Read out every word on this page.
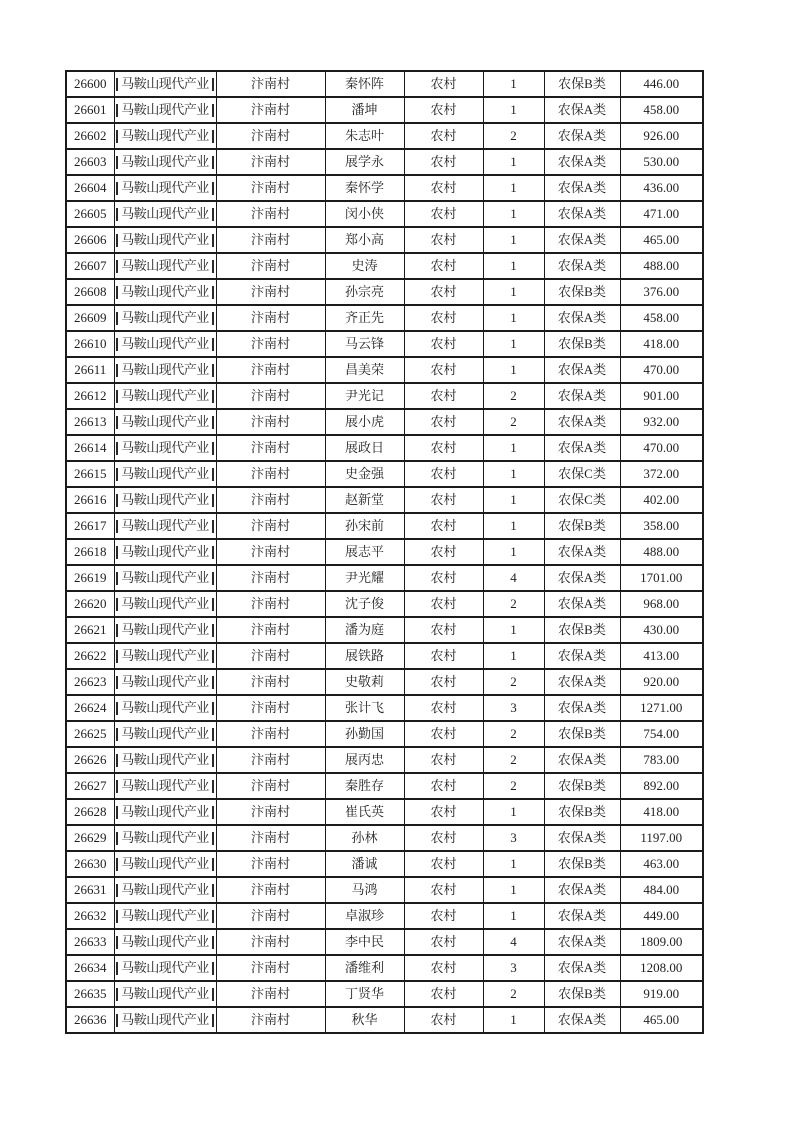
26600	马鞍山现代产业	汴南村	秦怀阵	农村	1	农保B类	446.00
26601	马鞍山现代产业	汴南村	潘坤	农村	1	农保A类	458.00
26602	马鞍山现代产业	汴南村	朱志叶	农村	2	农保A类	926.00
26603	马鞍山现代产业	汴南村	展学永	农村	1	农保A类	530.00
26604	马鞍山现代产业	汴南村	秦怀学	农村	1	农保A类	436.00
26605	马鞍山现代产业	汴南村	闵小侠	农村	1	农保A类	471.00
26606	马鞍山现代产业	汴南村	郑小高	农村	1	农保A类	465.00
26607	马鞍山现代产业	汴南村	史涛	农村	1	农保A类	488.00
26608	马鞍山现代产业	汴南村	孙宗亮	农村	1	农保B类	376.00
26609	马鞍山现代产业	汴南村	齐正先	农村	1	农保A类	458.00
26610	马鞍山现代产业	汴南村	马云锋	农村	1	农保B类	418.00
26611	马鞍山现代产业	汴南村	昌美荣	农村	1	农保A类	470.00
26612	马鞍山现代产业	汴南村	尹光记	农村	2	农保A类	901.00
26613	马鞍山现代产业	汴南村	展小虎	农村	2	农保A类	932.00
26614	马鞍山现代产业	汴南村	展政日	农村	1	农保A类	470.00
26615	马鞍山现代产业	汴南村	史金强	农村	1	农保C类	372.00
26616	马鞍山现代产业	汴南村	赵新堂	农村	1	农保C类	402.00
26617	马鞍山现代产业	汴南村	孙宋前	农村	1	农保B类	358.00
26618	马鞍山现代产业	汴南村	展志平	农村	1	农保A类	488.00
26619	马鞍山现代产业	汴南村	尹光耀	农村	4	农保A类	1701.00
26620	马鞍山现代产业	汴南村	沈子俊	农村	2	农保A类	968.00
26621	马鞍山现代产业	汴南村	潘为庭	农村	1	农保B类	430.00
26622	马鞍山现代产业	汴南村	展铁路	农村	1	农保A类	413.00
26623	马鞍山现代产业	汴南村	史敬莉	农村	2	农保A类	920.00
26624	马鞍山现代产业	汴南村	张计飞	农村	3	农保A类	1271.00
26625	马鞍山现代产业	汴南村	孙勤国	农村	2	农保B类	754.00
26626	马鞍山现代产业	汴南村	展丙忠	农村	2	农保A类	783.00
26627	马鞍山现代产业	汴南村	秦胜存	农村	2	农保B类	892.00
26628	马鞍山现代产业	汴南村	崔氏英	农村	1	农保B类	418.00
26629	马鞍山现代产业	汴南村	孙林	农村	3	农保A类	1197.00
26630	马鞍山现代产业	汴南村	潘诚	农村	1	农保B类	463.00
26631	马鞍山现代产业	汴南村	马鸿	农村	1	农保A类	484.00
26632	马鞍山现代产业	汴南村	卓淑珍	农村	1	农保A类	449.00
26633	马鞍山现代产业	汴南村	李中民	农村	4	农保A类	1809.00
26634	马鞍山现代产业	汴南村	潘维利	农村	3	农保A类	1208.00
26635	马鞍山现代产业	汴南村	丁贤华	农村	2	农保B类	919.00
26636	马鞍山现代产业	汴南村	秋华	农村	1	农保A类	465.00
